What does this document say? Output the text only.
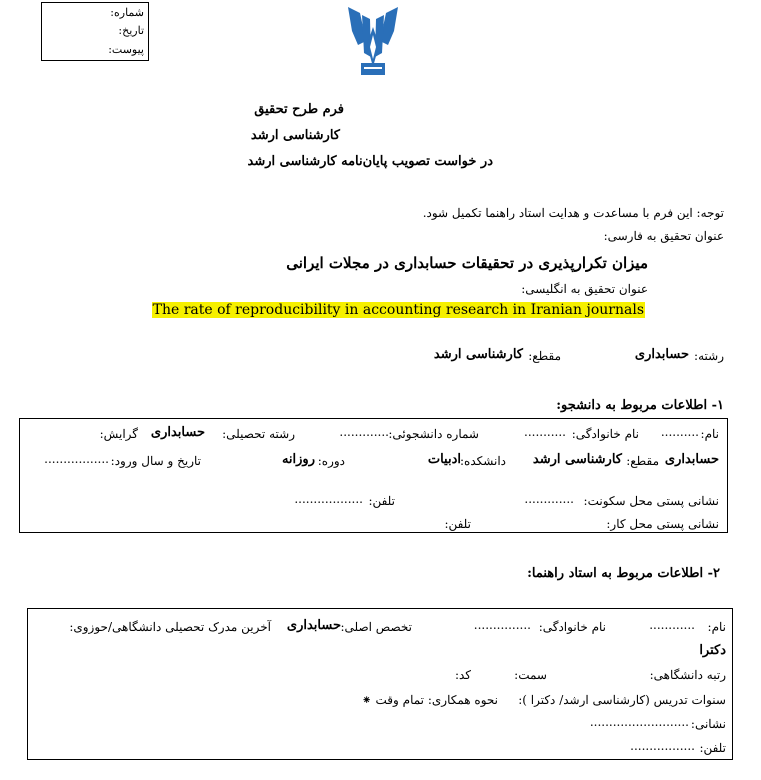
شماره:
تاریخ:
پیوست:
فرم طرح تحقیق
کارشناسی ارشد
در خواست تصویب پایان‌نامه کارشناسی ارشد
توجه: این فرم با مساعدت و هدایت استاد راهنما تکمیل شود.
عنوان تحقیق به فارسی:
میزان تکرارپذیری در تحقیقات حسابداری در مجلات ایرانی
عنوان تحقیق به انگلیسی:
The rate of reproducibility in accounting research in Iranian journals
رشته:
حسابداری
مقطع:
کارشناسی ارشد
۱- اطلاعات مربوط به دانشجو:
نام:
..........
نام خانوادگی:
...........
شماره دانشجوئی:
.............
رشته تحصیلی:
حسابداری
گرایش:
حسابداری
مقطع:
کارشناسی ارشد
دانشکده:
ادبیات
دوره:
روزانه
تاریخ و سال ورود:
.................
نشانی پستی محل سکونت:
.............
تلفن:
..................
نشانی پستی محل کار:
تلفن:
۲- اطلاعات مربوط به استاد راهنما:
نام:
............
نام خانوادگی:
...............
تخصص اصلی:
حسابداری
آخرین مدرک تحصیلی دانشگاهی/حوزوی:
دکترا
رتبه دانشگاهی:
سمت:
کد:
سنوات تدریس (کارشناسی ارشد/ دکترا ):
نحوه همکاری: تمام وقت ⁕
نشانی:
..........................
تلفن:
.................
